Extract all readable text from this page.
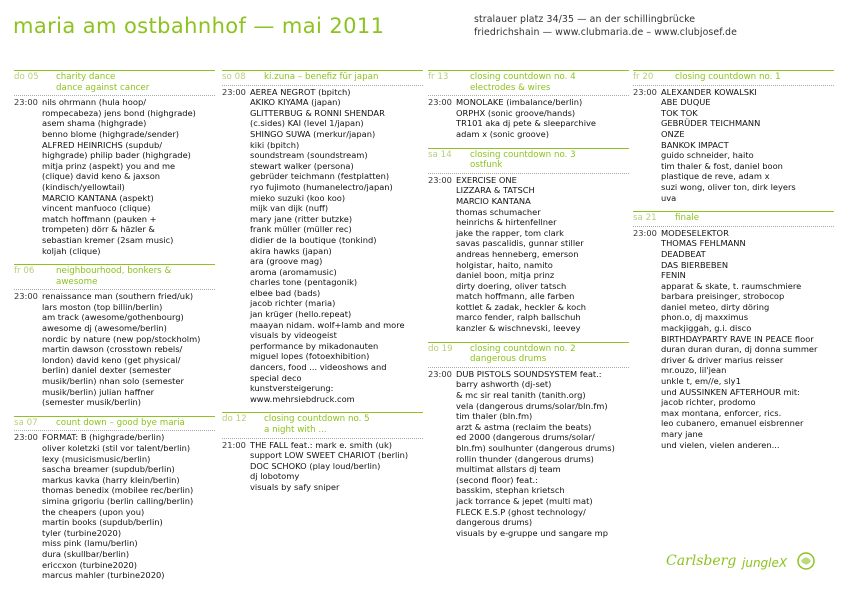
maria am ostbahnhof — mai 2011	stralauer platz 34/35 — an der schillingbrücke
friedrichshain — www.clubmaria.de – www.clubjosef.de
do 05	charity dance
dance against cancer
23:00 nils ohrmann (hula hoop/
rompecabeza) jens bond (highgrade)
asem shama (highgrade)
benno blome (highgrade/sender)
ALFRED HEINRICHS (supdub/
highgrade) philip bader (highgrade)
mitja prinz (aspekt) you and me
(clique) david keno & jaxson
(kindisch/yellowtail)
MARCIO KANTANA (aspekt)
vincent manfuoco (clique)
match hoffmann (pauken +
trompeten) dörr & häzler &
sebastian kremer (2sam music)
koljah (clique)
fr 06	neighbourhood, bonkers & awesome
23:00 renaissance man (southern fried/uk)
lars moston (top billin/berlin)
am track (awesome/gothenbourg)
awesome dj (awesome/berlin)
nordic by nature (new pop/stockholm)
martin dawson (crosstown rebels/
london) david keno (get physical/
berlin) daniel dexter (semester
musik/berlin) nhan solo (semester
musik/berlin) julian haffner
(semester musik/berlin)
sa 07	count down – good bye maria
23:00 FORMAT: B (highgrade/berlin)
oliver koletzki (stil vor talent/berlin)
lexy (musicismusic/berlin)
sascha breamer (supdub/berlin)
markus kavka (harry klein/berlin)
thomas benedix (mobilee rec/berlin)
simina grigoriu (berlin calling/berlin)
the cheapers (upon you)
martin books (supdub/berlin)
tyler (turbine2020)
miss pink (lamu/berlin)
dura (skullbar/berlin)
ericcxon (turbine2020)
marcus mahler (turbine2020)
so 08	ki.zuna – benefiz für japan
23:00 AEREA NEGROT (bpitch)
AKIKO KIYAMA (japan)
GLITTERBUG & RONNI SHENDAR
(c.sides) KAI (level 1/japan)
SHINGO SUWA (merkur/japan)
kiki (bpitch)
soundstream (soundstream)
stewart walker (persona)
gebrüder teichmann (festplatten)
ryo fujimoto (humanelectro/japan)
mieko suzuki (koo koo)
mijk van dijk (nuff)
mary jane (ritter butzke)
frank müller (müller rec)
didier de la boutique (tonkind)
akira hawks (japan)
ara (groove mag)
aroma (aromamusic)
charles tone (pentagonik)
elbee bad (bads)
jacob richter (maria)
jan krüger (hello.repeat)
maayan nidam. wolf+lamb and more
visuals by videogeist
performance by mikadonauten
miguel lopes (fotoexhibition)
dancers, food ... videoshows and
special deco
kunstversteigerung:
www.mehrsiebdruck.com
do 12	closing countdown no. 5
a night with ...
21:00 THE FALL feat.: mark e. smith (uk)
support LOW SWEET CHARIOT (berlin)
DOC SCHOKO (play loud/berlin)
dj lobotomy
visuals by safy sniper
fr 13	closing countdown no. 4
electrodes & wires
23:00 MONOLAKE (imbalance/berlin)
ORPHX (sonic groove/hands)
TR101 aka dj pete & sleeparchive
adam x (sonic groove)
sa 14	closing countdown no. 3
ostfunk
23:00 EXERCISE ONE
LIZZARA & TATSCH
MARCIO KANTANA
thomas schumacher
heinrichs & hirtenfellner
jake the rapper, tom clark
savas pascalidis, gunnar stiller
andreas henneberg, emerson
holgistar, haito, namito
daniel boon, mitja prinz
dirty doering, oliver tatsch
match hoffmann, alle farben
kottlet & zadak, heckler & koch
marco fender, ralph ballschuh
kanzler & wischnevski, leevey
do 19	closing countdown no. 2
dangerous drums
23:00 DUB PISTOLS SOUNDSYSTEM feat.:
barry ashworth (dj-set)
& mc sir real tanith (tanith.org)
vela (dangerous drums/solar/bln.fm)
tim thaler (bln.fm)
arzt & astma (reclaim the beats)
ed 2000 (dangerous drums/solar/
bln.fm) soulhunter (dangerous drums)
rollin thunder (dangerous drums)
multimat allstars dj team
(second floor) feat.:
basskim, stephan krietsch
jack torrance & jepet (multi mat)
FLECK E.S.P (ghost technology/
dangerous drums)
visuals by e-gruppe und sangare mp
fr 20	closing countdown no. 1
23:00 ALEXANDER KOWALSKI
ABE DUQUE
TOK TOK
GEBRÜDER TEICHMANN
ONZE
BANKOK IMPACT
guido schneider, haito
tim thaler & fost, daniel boon
plastique de reve, adam x
suzi wong, oliver ton, dirk leyers
uva
sa 21	finale
23:00 MODESELEKTOR
THOMAS FEHLMANN
DEADBEAT
DAS BIERBEBEN
FENIN
apparat & skate, t. raumschmiere
barbara preisinger, strobocop
daniel meteo, dirty döring
phon.o, dj maxximus
mackjiggah, g.i. disco
BIRTHDAYPARTY RAVE IN PEACE floor
duran duran duran, dj donna summer
driver & driver marius reisser
mr.ouzo, lil'jean
unkle t, em//e, sly1
und AUSSINKEN AFTERHOUR mit:
jacob richter, prodomo
max montana, enforcer, rics.
leo cubanero, emanuel eisbrenner
mary jane
und vielen, vielen anderen...
Carlsberg jungleX
